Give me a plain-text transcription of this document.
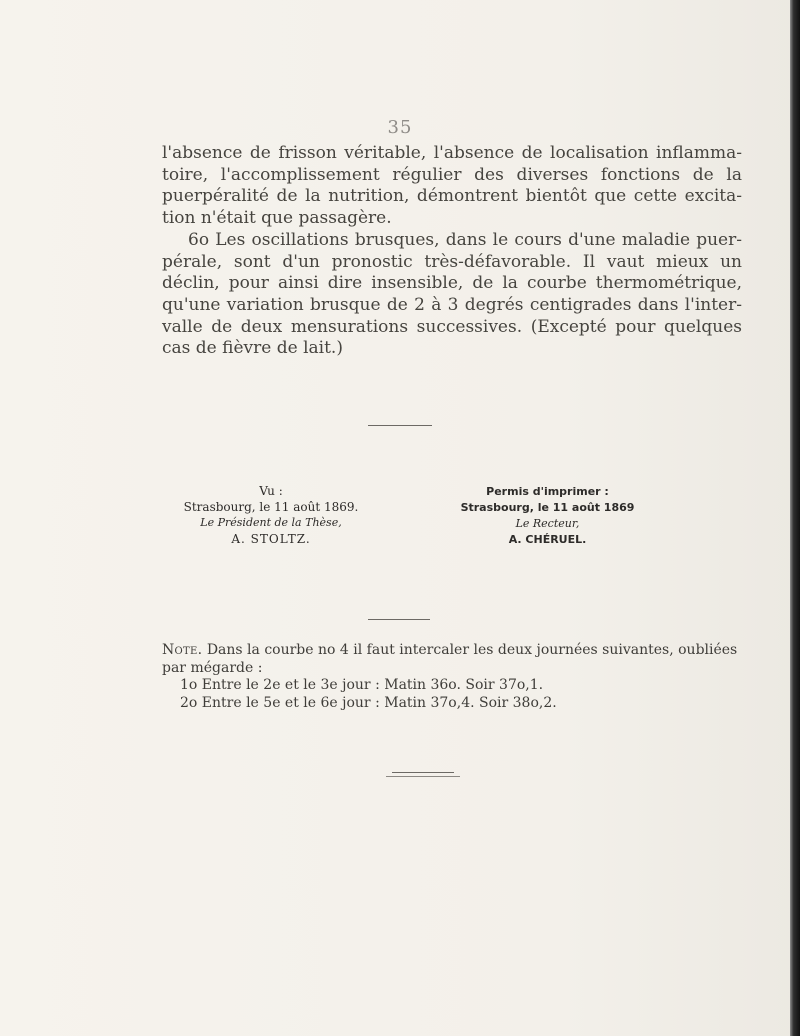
35

l'absence de frisson véritable, l'absence de localisation inflamma-toire, l'accomplissement régulier des diverses fonctions de la puerpéralité de la nutrition, démontrent bientôt que cette excita-tion n'était que passagère.

6o Les oscillations brusques, dans le cours d'une maladie puer-pérale, sont d'un pronostic très-défavorable. Il vaut mieux un déclin, pour ainsi dire insensible, de la courbe thermométrique, qu'une variation brusque de 2 à 3 degrés centigrades dans l'inter-valle de deux mensurations successives. (Excepté pour quelques cas de fièvre de lait.)

Vu :
Strasbourg, le 11 août 1869.
Le Président de la Thèse,
A. STOLTZ.
Permis d'imprimer :
Strasbourg, le 11 août 1869
Le Recteur,
A. CHÉRUEL.

Note. Dans la courbe no 4 il faut intercaler les deux journées suivantes, oubliées par mégarde :

1o Entre le 2e et le 3e jour : Matin 36o. Soir 37o,1.

2o Entre le 5e et le 6e jour : Matin 37o,4. Soir 38o,2.
